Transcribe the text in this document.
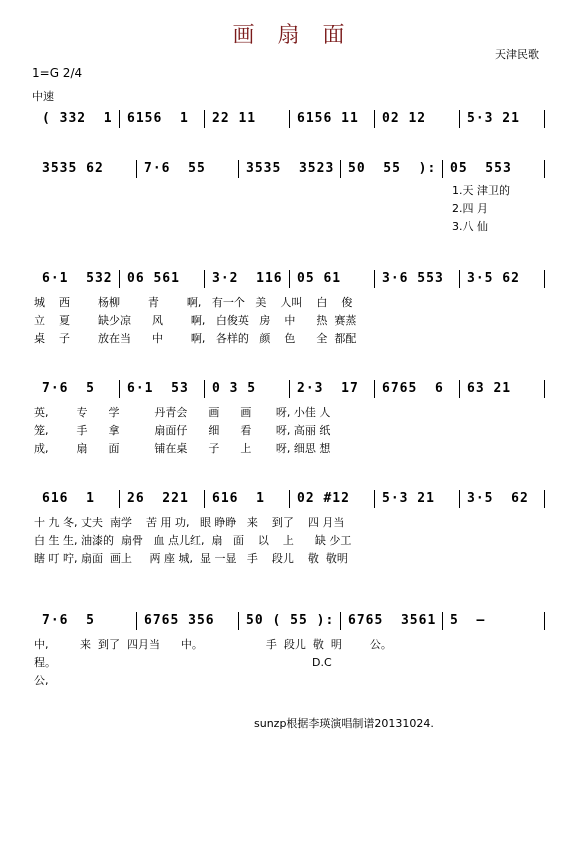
画 扇 面
天津民歌
1=G 2/4
中速
( 332  1 6156  1 22 11	6156 11 02 12	5·3 21
3535 62	7·6  55	3535  3523 50  55  ): 05  553
6·1  532 06 561 3·2  116 05 61	3·6 553 3·5 62
7·6  5 6·1  53 0 3 5	2·3  17 6765  6 63 21
616  1 26  221 616  1 02 #12 5·3 21 3·5  62
7·6  5	6765 356 50 ( 55 ): 6765  3561 5  –
1.天 津卫的
2.四 月
3.八 仙
城    西        杨柳        青        啊,   有一个   美    人叫    白    俊
立    夏        缺少凉      风        啊,   白俊英   房    中      热  赛蒸
桌    子        放在当      中        啊,   各样的   颜    色      全  都配
英,        专      学          丹青会      画      画       呀, 小佳 人
笼,        手      拿          扇面仔      细      看       呀, 高丽 纸
成,        扇      面          铺在桌      子      上       呀, 细思 想
十 九 冬, 丈夫  南学    苦 用 功,   眼 睁睁   来    到了    四 月当
白 生 生, 油漆的  扇骨   血 点儿红,  扇   面    以    上      缺 少工
瞎 叮 咛, 扇面  画上     两 座 城,  显 一显   手    段儿    敬  敬明
中,         来  到了  四月当      中。                  手  段儿  敬  明        公。
程。
公,
D.C
sunzp根据李瑛演唱制谱20131024.
